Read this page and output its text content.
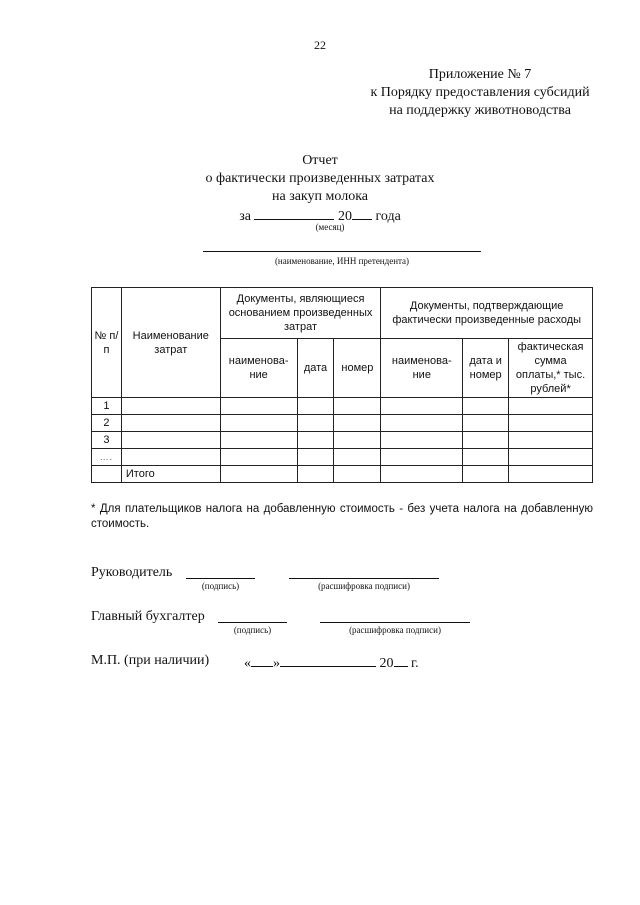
22
Приложение № 7
к Порядку предоставления субсидий
на поддержку животноводства
Отчет
о фактически произведенных затратах
на закуп молока
за	20 года
(месяц)
(наименование, ИНН претендента)
№ п/п	Наименование затрат	Документы, являющиеся основанием произведенных затрат			Документы, подтверждающие фактически произведенные расходы		
		наименова-ние	дата	номер	наименова-ние	дата и номер	фактическая сумма оплаты,* тыс. рублей*
1							
2							
3							
….							
	Итого						
* Для плательщиков налога на добавленную стоимость - без учета налога на добавленную стоимость.
Руководитель
(подпись)	(расшифровка подписи)
Главный бухгалтер
(подпись)	(расшифровка подписи)
М.П. (при наличии) « »	20 г.
